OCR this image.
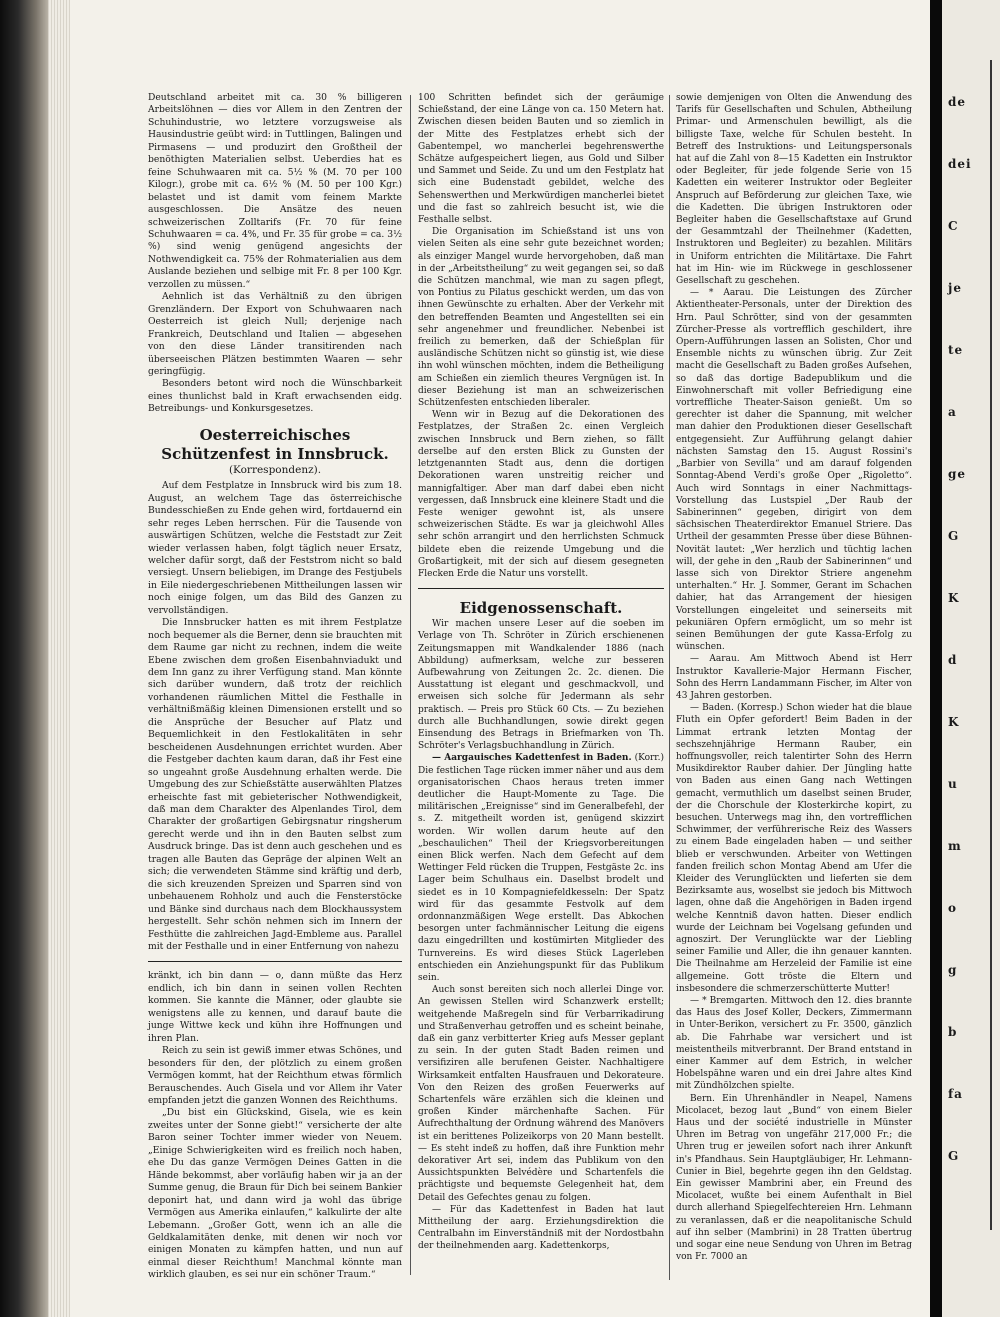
de
dei
C
je
te
a
ge
G
K
d
K
u
m
o
g
b
fa
G

Deutschland arbeitet mit ca. 30 % billigeren Arbeitslöhnen — dies vor Allem in den Zentren der Schuhindustrie, wo letztere vorzugsweise als Hausindustrie geübt wird: in Tuttlingen, Balingen und Pirmasens — und produzirt den Großtheil der benöthigten Materialien selbst. Ueberdies hat es feine Schuhwaaren mit ca. 5½ % (M. 70 per 100 Kilogr.), grobe mit ca. 6½ % (M. 50 per 100 Kgr.) belastet und ist damit vom feinem Markte ausgeschlossen. Die Ansätze des neuen schweizerischen Zolltarifs (Fr. 70 für feine Schuhwaaren = ca. 4%, und Fr. 35 für grobe = ca. 3½ %) sind wenig genügend angesichts der Nothwendigkeit ca. 75% der Rohmaterialien aus dem Auslande beziehen und selbige mit Fr. 8 per 100 Kgr. verzollen zu müssen.“

Aehnlich ist das Verhältniß zu den übrigen Grenzländern. Der Export von Schuhwaaren nach Oesterreich ist gleich Null; derjenige nach Frankreich, Deutschland und Italien — abgesehen von den diese Länder transitirenden nach überseeischen Plätzen bestimmten Waaren — sehr geringfügig.

Besonders betont wird noch die Wünschbarkeit eines thunlichst bald in Kraft erwachsenden eidg. Betreibungs- und Konkursgesetzes.

Oesterreichisches Schützenfest in Innsbruck.
(Korrespondenz).

Auf dem Festplatze in Innsbruck wird bis zum 18. August, an welchem Tage das österreichische Bundesschießen zu Ende gehen wird, fortdauernd ein sehr reges Leben herrschen. Für die Tausende von auswärtigen Schützen, welche die Feststadt zur Zeit wieder verlassen haben, folgt täglich neuer Ersatz, welcher dafür sorgt, daß der Feststrom nicht so bald versiegt. Unsern beliebigen, im Drange des Festjubels in Eile niedergeschriebenen Mittheilungen lassen wir noch einige folgen, um das Bild des Ganzen zu vervollständigen.

Die Innsbrucker hatten es mit ihrem Festplatze noch bequemer als die Berner, denn sie brauchten mit dem Raume gar nicht zu rechnen, indem die weite Ebene zwischen dem großen Eisenbahnviadukt und dem Inn ganz zu ihrer Verfügung stand. Man könnte sich darüber wundern, daß trotz der reichlich vorhandenen räumlichen Mittel die Festhalle in verhältnißmäßig kleinen Dimensionen erstellt und so die Ansprüche der Besucher auf Platz und Bequemlichkeit in den Festlokalitäten in sehr bescheidenen Ausdehnungen errichtet wurden. Aber die Festgeber dachten kaum daran, daß ihr Fest eine so ungeahnt große Ausdehnung erhalten werde. Die Umgebung des zur Schießstätte auserwählten Platzes erheischte fast mit gebieterischer Nothwendigkeit, daß man dem Charakter des Alpenlandes Tirol, dem Charakter der großartigen Gebirgsnatur ringsherum gerecht werde und ihn in den Bauten selbst zum Ausdruck bringe. Das ist denn auch geschehen und es tragen alle Bauten das Gepräge der alpinen Welt an sich; die verwendeten Stämme sind kräftig und derb, die sich kreuzenden Spreizen und Sparren sind von unbehauenem Rohholz und auch die Fensterstöcke und Bänke sind durchaus nach dem Blockhaussystem hergestellt. Sehr schön nehmen sich im Innern der Festhütte die zahlreichen Jagd-Embleme aus. Parallel mit der Festhalle und in einer Entfernung von nahezu

kränkt, ich bin dann — o, dann müßte das Herz endlich, ich bin dann in seinen vollen Rechten kommen. Sie kannte die Männer, oder glaubte sie wenigstens alle zu kennen, und darauf baute die junge Wittwe keck und kühn ihre Hoffnungen und ihren Plan.

Reich zu sein ist gewiß immer etwas Schönes, und besonders für den, der plötzlich zu einem großen Vermögen kommt, hat der Reichthum etwas förmlich Berauschendes. Auch Gisela und vor Allem ihr Vater empfanden jetzt die ganzen Wonnen des Reichthums.

„Du bist ein Glückskind, Gisela, wie es kein zweites unter der Sonne giebt!“ versicherte der alte Baron seiner Tochter immer wieder von Neuem. „Einige Schwierigkeiten wird es freilich noch haben, ehe Du das ganze Vermögen Deines Gatten in die Hände bekommst, aber vorläufig haben wir ja an der Summe genug, die Braun für Dich bei seinem Bankier deponirt hat, und dann wird ja wohl das übrige Vermögen aus Amerika einlaufen,“ kalkulirte der alte Lebemann. „Großer Gott, wenn ich an alle die Geldkalamitäten denke, mit denen wir noch vor einigen Monaten zu kämpfen hatten, und nun auf einmal dieser Reichthum! Manchmal könnte man wirklich glauben, es sei nur ein schöner Traum.“

100 Schritten befindet sich der geräumige Schießstand, der eine Länge von ca. 150 Metern hat. Zwischen diesen beiden Bauten und so ziemlich in der Mitte des Festplatzes erhebt sich der Gabentempel, wo mancherlei begehrenswerthe Schätze aufgespeichert liegen, aus Gold und Silber und Sammet und Seide. Zu und um den Festplatz hat sich eine Budenstadt gebildet, welche des Sehenswerthen und Merkwürdigen mancherlei bietet und die fast so zahlreich besucht ist, wie die Festhalle selbst.

Die Organisation im Schießstand ist uns von vielen Seiten als eine sehr gute bezeichnet worden; als einziger Mangel wurde hervorgehoben, daß man in der „Arbeitstheilung“ zu weit gegangen sei, so daß die Schützen manchmal, wie man zu sagen pflegt, von Pontius zu Pilatus geschickt werden, um das von ihnen Gewünschte zu erhalten. Aber der Verkehr mit den betreffenden Beamten und Angestellten sei ein sehr angenehmer und freundlicher. Nebenbei ist freilich zu bemerken, daß der Schießplan für ausländische Schützen nicht so günstig ist, wie diese ihn wohl wünschen möchten, indem die Betheiligung am Schießen ein ziemlich theures Vergnügen ist. In dieser Beziehung ist man an schweizerischen Schützenfesten entschieden liberaler.

Wenn wir in Bezug auf die Dekorationen des Festplatzes, der Straßen 2c. einen Vergleich zwischen Innsbruck und Bern ziehen, so fällt derselbe auf den ersten Blick zu Gunsten der letztgenannten Stadt aus, denn die dortigen Dekorationen waren unstreitig reicher und mannigfaltiger. Aber man darf dabei eben nicht vergessen, daß Innsbruck eine kleinere Stadt und die Feste weniger gewohnt ist, als unsere schweizerischen Städte. Es war ja gleichwohl Alles sehr schön arrangirt und den herrlichsten Schmuck bildete eben die reizende Umgebung und die Großartigkeit, mit der sich auf diesem gesegneten Flecken Erde die Natur uns vorstellt.

Eidgenossenschaft.

Wir machen unsere Leser auf die soeben im Verlage von Th. Schröter in Zürich erschienenen Zeitungsmappen mit Wandkalender 1886 (nach Abbildung) aufmerksam, welche zur besseren Aufbewahrung von Zeitungen 2c. 2c. dienen. Die Ausstattung ist elegant und geschmackvoll, und erweisen sich solche für Jedermann als sehr praktisch. — Preis pro Stück 60 Cts. — Zu beziehen durch alle Buchhandlungen, sowie direkt gegen Einsendung des Betrags in Briefmarken von Th. Schröter's Verlagsbuchhandlung in Zürich.

— Aargauisches Kadettenfest in Baden. (Korr.) Die festlichen Tage rücken immer näher und aus dem organisatorischen Chaos heraus treten immer deutlicher die Haupt-Momente zu Tage. Die militärischen „Ereignisse“ sind im Generalbefehl, der s. Z. mitgetheilt worden ist, genügend skizzirt worden. Wir wollen darum heute auf den „beschaulichen“ Theil der Kriegsvorbereitungen einen Blick werfen. Nach dem Gefecht auf dem Wettinger Feld rücken die Truppen, Festgäste 2c. ins Lager beim Schulhaus ein. Daselbst brodelt und siedet es in 10 Kompagniefeldkesseln: Der Spatz wird für das gesammte Festvolk auf dem ordonnanzmäßigen Wege erstellt. Das Abkochen besorgen unter fachmännischer Leitung die eigens dazu eingedrillten und kostümirten Mitglieder des Turnvereins. Es wird dieses Stück Lagerleben entschieden ein Anziehungspunkt für das Publikum sein.

Auch sonst bereiten sich noch allerlei Dinge vor. An gewissen Stellen wird Schanzwerk erstellt; weitgehende Maßregeln sind für Verbarrikadirung und Straßenverhau getroffen und es scheint beinahe, daß ein ganz verbitterter Krieg aufs Messer geplant zu sein. In der guten Stadt Baden reimen und versifiziren alle berufenen Geister. Nachhaltigere Wirksamkeit entfalten Hausfrauen und Dekorateure. Von den Reizen des großen Feuerwerks auf Schartenfels wäre erzählen sich die kleinen und großen Kinder märchenhafte Sachen. Für Aufrechthaltung der Ordnung während des Manövers ist ein berittenes Polizeikorps von 20 Mann bestellt. — Es steht indeß zu hoffen, daß ihre Funktion mehr dekorativer Art sei, indem das Publikum von den Aussichtspunkten Belvédère und Schartenfels die prächtigste und bequemste Gelegenheit hat, dem Detail des Gefechtes genau zu folgen.

— Für das Kadettenfest in Baden hat laut Mittheilung der aarg. Erziehungsdirektion die Centralbahn im Einverständniß mit der Nordostbahn der theilnehmenden aarg. Kadettenkorps,

sowie demjenigen von Olten die Anwendung des Tarifs für Gesellschaften und Schulen, Abtheilung Primar- und Armenschulen bewilligt, als die billigste Taxe, welche für Schulen besteht. In Betreff des Instruktions- und Leitungspersonals hat auf die Zahl von 8—15 Kadetten ein Instruktor oder Begleiter, für jede folgende Serie von 15 Kadetten ein weiterer Instruktor oder Begleiter Anspruch auf Beförderung zur gleichen Taxe, wie die Kadetten. Die übrigen Instruktoren oder Begleiter haben die Gesellschaftstaxe auf Grund der Gesammtzahl der Theilnehmer (Kadetten, Instruktoren und Begleiter) zu bezahlen. Militärs in Uniform entrichten die Militärtaxe. Die Fahrt hat im Hin- wie im Rückwege in geschlossener Gesellschaft zu geschehen.

— * Aarau. Die Leistungen des Zürcher Aktientheater-Personals, unter der Direktion des Hrn. Paul Schrötter, sind von der gesammten Zürcher-Presse als vortrefflich geschildert, ihre Opern-Aufführungen lassen an Solisten, Chor und Ensemble nichts zu wünschen übrig. Zur Zeit macht die Gesellschaft zu Baden großes Aufsehen, so daß das dortige Badepublikum und die Einwohnerschaft mit voller Befriedigung eine vortreffliche Theater-Saison genießt. Um so gerechter ist daher die Spannung, mit welcher man dahier den Produktionen dieser Gesellschaft entgegensieht. Zur Aufführung gelangt dahier nächsten Samstag den 15. August Rossini's „Barbier von Sevilla“ und am darauf folgenden Sonntag-Abend Verdi's große Oper „Rigoletto“. Auch wird Sonntags in einer Nachmittags-Vorstellung das Lustspiel „Der Raub der Sabinerinnen“ gegeben, dirigirt von dem sächsischen Theaterdirektor Emanuel Striere. Das Urtheil der gesammten Presse über diese Bühnen-Novität lautet: „Wer herzlich und tüchtig lachen will, der gehe in den „Raub der Sabinerinnen“ und lasse sich von Direktor Striere angenehm unterhalten.“ Hr. J. Sommer, Gerant im Schachen dahier, hat das Arrangement der hiesigen Vorstellungen eingeleitet und seinerseits mit pekuniären Opfern ermöglicht, um so mehr ist seinen Bemühungen der gute Kassa-Erfolg zu wünschen.

— Aarau. Am Mittwoch Abend ist Herr Instruktor Kavallerie-Major Hermann Fischer, Sohn des Herrn Landammann Fischer, im Alter von 43 Jahren gestorben.

— Baden. (Korresp.) Schon wieder hat die blaue Fluth ein Opfer gefordert! Beim Baden in der Limmat ertrank letzten Montag der sechszehnjährige Hermann Rauber, ein hoffnungsvoller, reich talentirter Sohn des Herrn Musikdirektor Rauber dahier. Der Jüngling hatte von Baden aus einen Gang nach Wettingen gemacht, vermuthlich um daselbst seinen Bruder, der die Chorschule der Klosterkirche kopirt, zu besuchen. Unterwegs mag ihn, den vortrefflichen Schwimmer, der verführerische Reiz des Wassers zu einem Bade eingeladen haben — und seither blieb er verschwunden. Arbeiter von Wettingen fanden freilich schon Montag Abend am Ufer die Kleider des Verunglückten und lieferten sie dem Bezirksamte aus, woselbst sie jedoch bis Mittwoch lagen, ohne daß die Angehörigen in Baden irgend welche Kenntniß davon hatten. Dieser endlich wurde der Leichnam bei Vogelsang gefunden und agnoszirt. Der Verunglückte war der Liebling seiner Familie und Aller, die ihn genauer kannten. Die Theilnahme am Herzeleid der Familie ist eine allgemeine. Gott tröste die Eltern und insbesondere die schmerzerschütterte Mutter!

— * Bremgarten. Mittwoch den 12. dies brannte das Haus des Josef Koller, Deckers, Zimmermann in Unter-Berikon, versichert zu Fr. 3500, gänzlich ab. Die Fahrhabe war versichert und ist meistentheils mitverbrannt. Der Brand entstand in einer Kammer auf dem Estrich, in welcher Hobelspähne waren und ein drei Jahre altes Kind mit Zündhölzchen spielte.

Bern. Ein Uhrenhändler in Neapel, Namens Micolacet, bezog laut „Bund“ von einem Bieler Haus und der société industrielle in Münster Uhren im Betrag von ungefähr 217,000 Fr.; die Uhren trug er jeweilen sofort nach ihrer Ankunft in's Pfandhaus. Sein Hauptgläubiger, Hr. Lehmann-Cunier in Biel, begehrte gegen ihn den Geldstag. Ein gewisser Mambrini aber, ein Freund des Micolacet, wußte bei einem Aufenthalt in Biel durch allerhand Spiegelfechtereien Hrn. Lehmann zu veranlassen, daß er die neapolitanische Schuld auf ihn selber (Mambrini) in 28 Tratten übertrug und sogar eine neue Sendung von Uhren im Betrag von Fr. 7000 an
